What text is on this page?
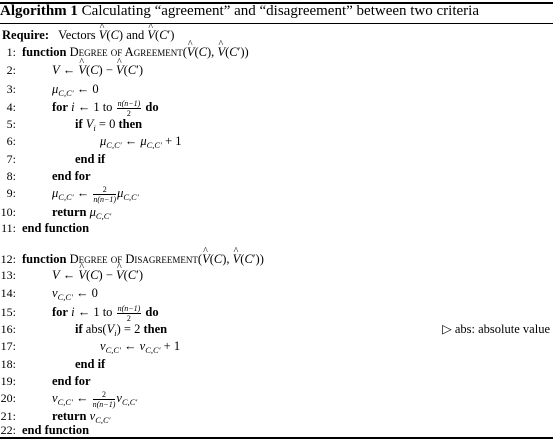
Algorithm 1 Calculating “agreement” and “disagreement” between two criteria
Require:   Vectors ^ V(C) and ^ V(C′)
1: function Degree of Agreement(^ V(C), ^ V(C′))
2:	V ← ^ V(C) − ^ V(C′)
3:	$\mu_{C,C'}$ ← 0
4:	for i ← 1 to $\frac{n(n-1)}{2}$ do
5:	if $V_i = 0$ then
6:	$\mu_{C,C'}$ ← $\mu_{C,C'} + 1$
7:	end if
8:	end for
9:	$\mu_{C,C'}$ ← $\frac{2}{n(n-1)} \mu_{C,C'}$
10:	return $\mu_{C,C'}$
11: end function
12: function Degree of Disagreement(^ V(C), ^ V(C′))
13:	V ← ^ V(C) − ^ V(C′)
14:	$\nu_{C,C'}$ ← 0
15:	for i ← 1 to $\frac{n(n-1)}{2}$ do
16:	if $abs(V_i) = 2$ then	▷ abs: absolute value
17:	$\nu_{C,C'}$ ← $\nu_{C,C'} + 1$
18:	end if
19:	end for
20:	$\nu_{C,C'}$ ← $\frac{2}{n(n-1)} \nu_{C,C'}$
21:	return $\nu_{C,C'}$
22: end function
